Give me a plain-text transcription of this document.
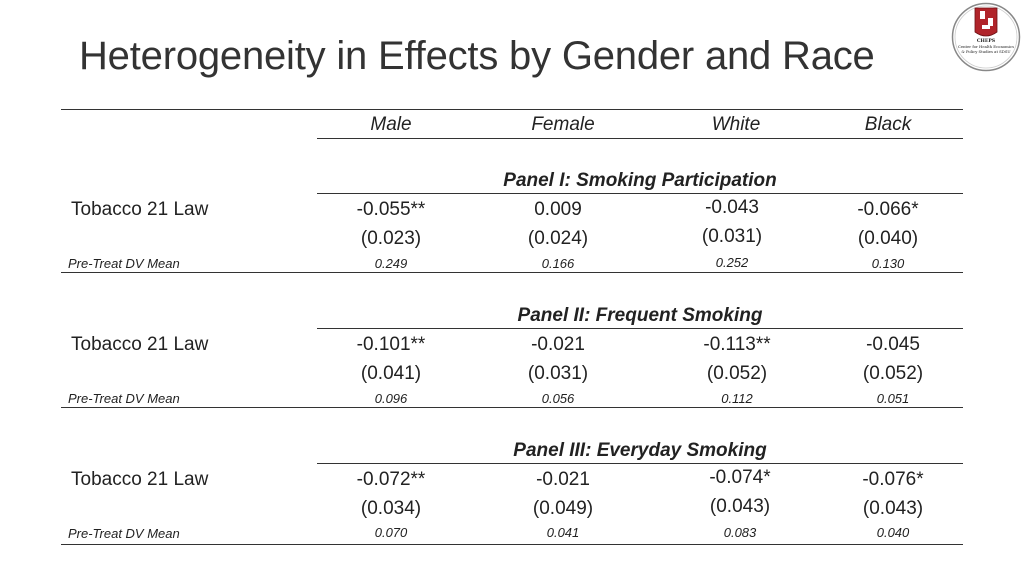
Heterogeneity in Effects by Gender and Race	CHEPS
Center for Health Economics
& Policy Studies at SDSU
Male	Female	White	Black
Panel I: Smoking Participation
Tobacco 21 Law	-0.055**	0.009	-0.043	-0.066*
(0.023)	(0.024)	(0.031)	(0.040)
Pre-Treat DV Mean	0.249	0.166	0.252	0.130
Panel II: Frequent Smoking
Tobacco 21 Law	-0.101**	-0.021	-0.113**	-0.045
(0.041)	(0.031)	(0.052)	(0.052)
Pre-Treat DV Mean	0.096	0.056	0.112	0.051
Panel III: Everyday Smoking
Tobacco 21 Law	-0.072**	-0.021	-0.074*	-0.076*
(0.034)	(0.049)	(0.043)	(0.043)
Pre-Treat DV Mean	0.070	0.041	0.083	0.040
